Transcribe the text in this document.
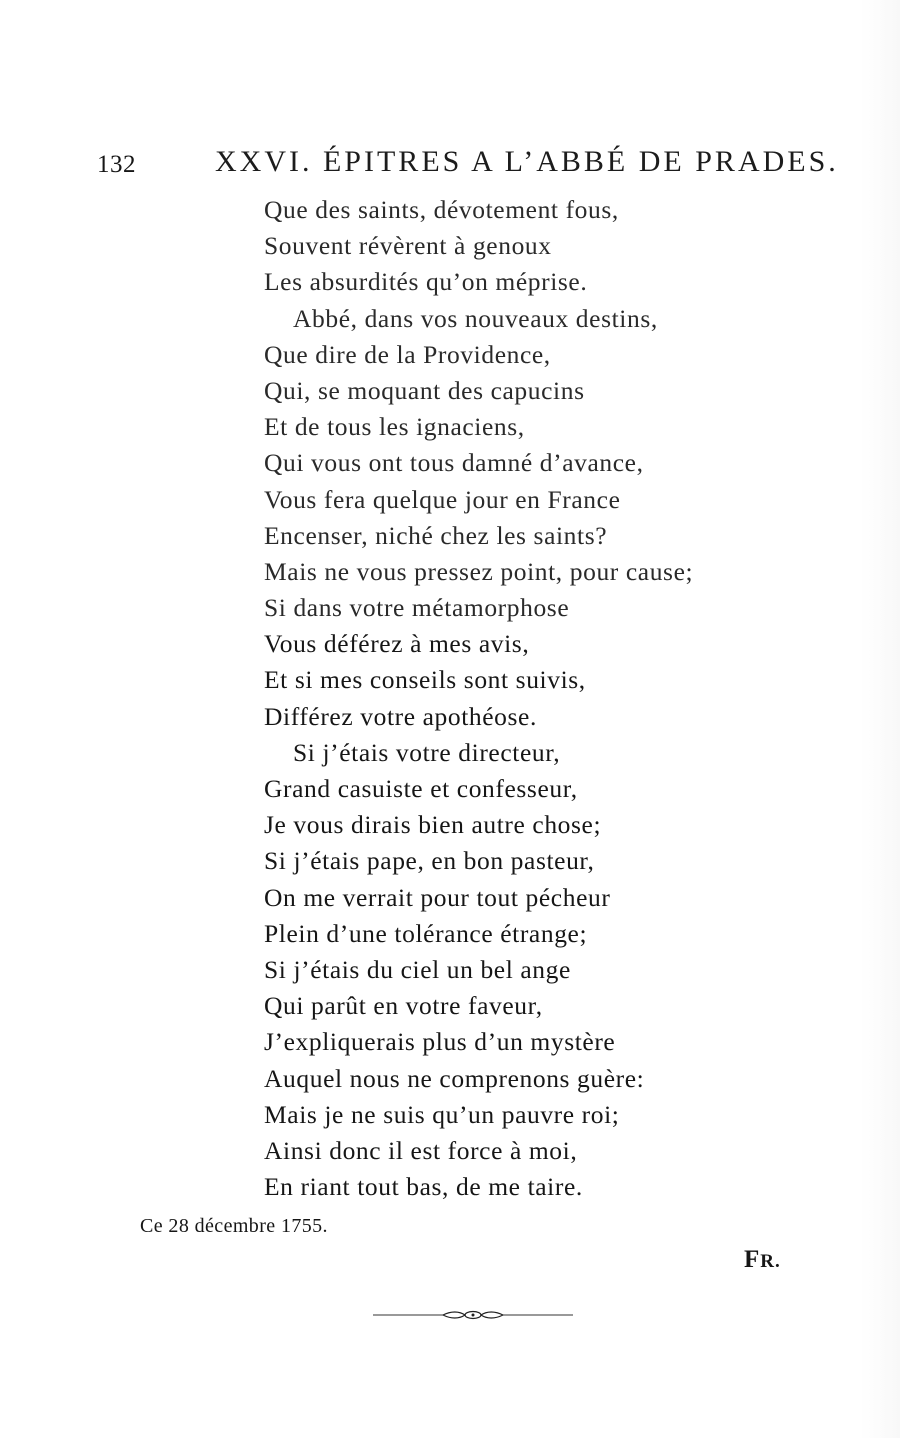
132	XXVI. ÉPITRES A L’ABBÉ DE PRADES.
Que des saints, dévotement fous,
Souvent révèrent à genoux
Les absurdités qu’on méprise.
Abbé, dans vos nouveaux destins,
Que dire de la Providence,
Qui, se moquant des capucins
Et de tous les ignaciens,
Qui vous ont tous damné d’avance,
Vous fera quelque jour en France
Encenser, niché chez les saints?
Mais ne vous pressez point, pour cause;
Si dans votre métamorphose
Vous déférez à mes avis,
Et si mes conseils sont suivis,
Différez votre apothéose.
Si j’étais votre directeur,
Grand casuiste et confesseur,
Je vous dirais bien autre chose;
Si j’étais pape, en bon pasteur,
On me verrait pour tout pécheur
Plein d’une tolérance étrange;
Si j’étais du ciel un bel ange
Qui parût en votre faveur,
J’expliquerais plus d’un mystère
Auquel nous ne comprenons guère:
Mais je ne suis qu’un pauvre roi;
Ainsi donc il est force à moi,
En riant tout bas, de me taire.
Ce 28 décembre 1755.
FR.
